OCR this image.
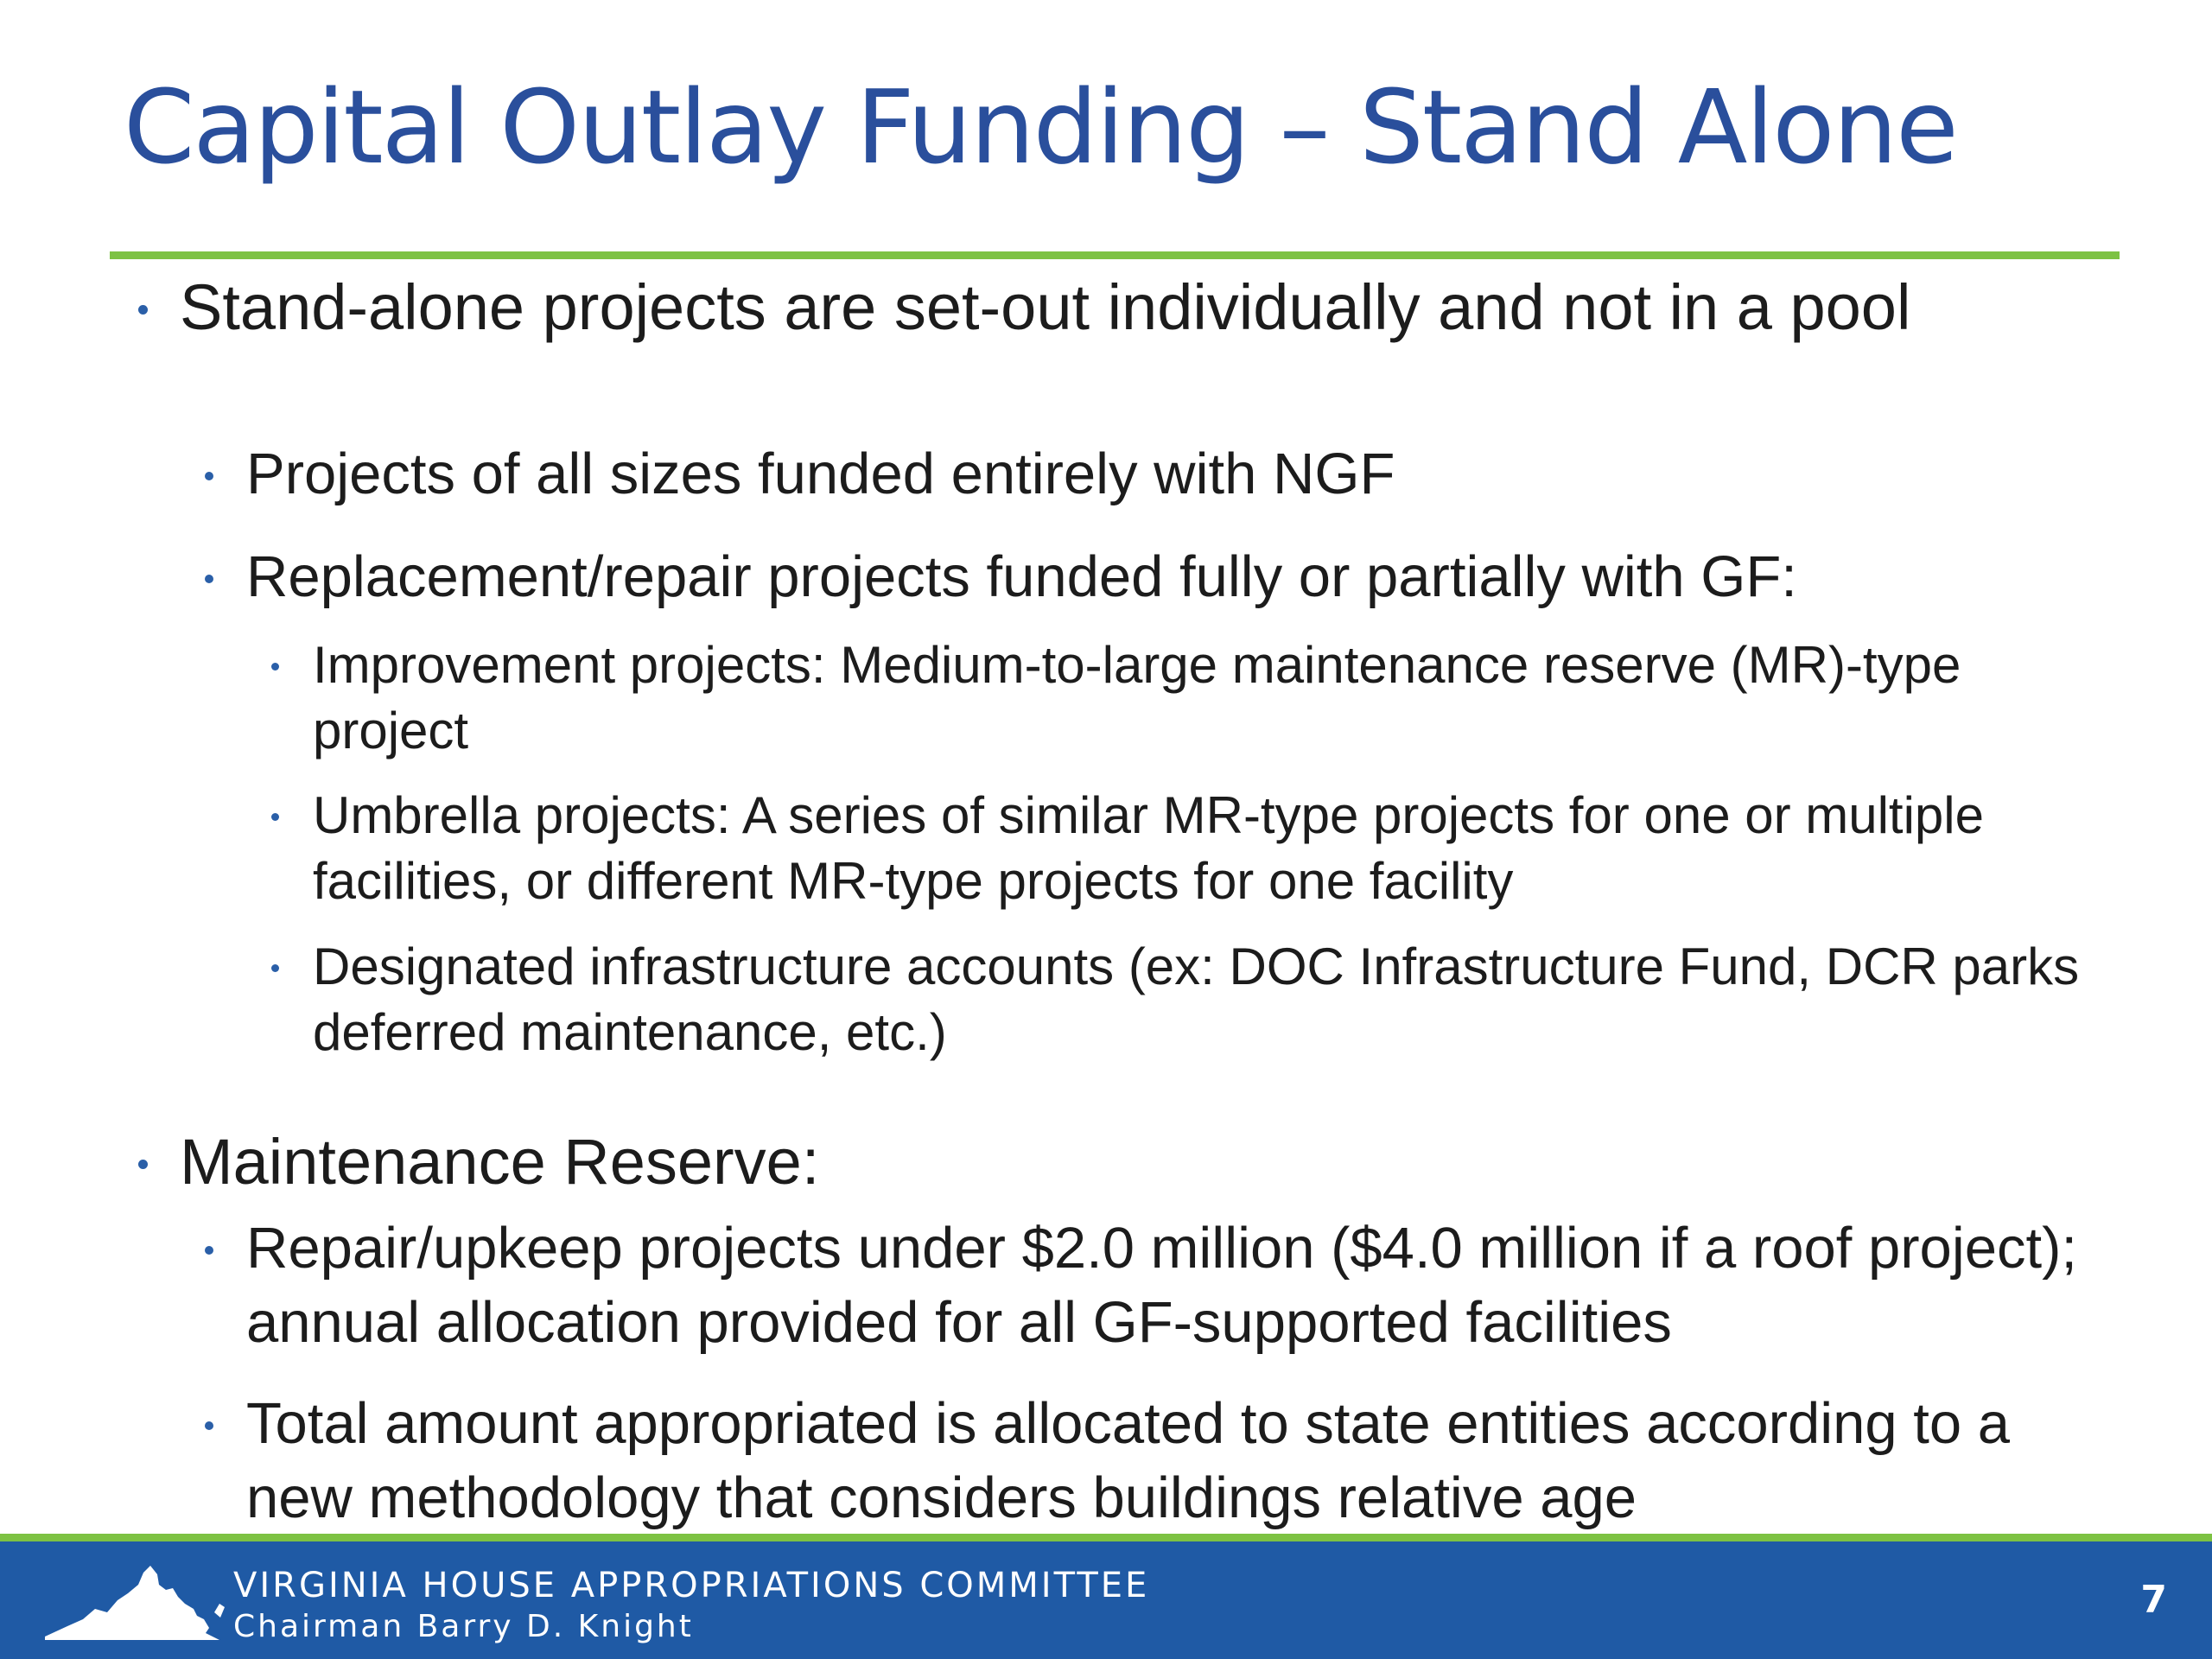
Capital Outlay Funding – Stand Alone

Stand-alone projects are set-out individually and not in a pool

Projects of all sizes funded entirely with NGF

Replacement/repair projects funded fully or partially with GF:

Improvement projects: Medium-to-large maintenance reserve (MR)-type project

Umbrella projects: A series of similar MR-type projects for one or multiple facilities, or different MR-type projects for one facility

Designated infrastructure accounts (ex: DOC Infrastructure Fund, DCR parks deferred maintenance, etc.)

Maintenance Reserve:

Repair/upkeep projects under $2.0 million ($4.0 million if a roof project); annual allocation provided for all GF-supported facilities

Total amount appropriated is allocated to state entities according to a new methodology that considers buildings relative age

VIRGINIA HOUSE APPROPRIATIONS COMMITTEE
Chairman Barry D. Knight
7
